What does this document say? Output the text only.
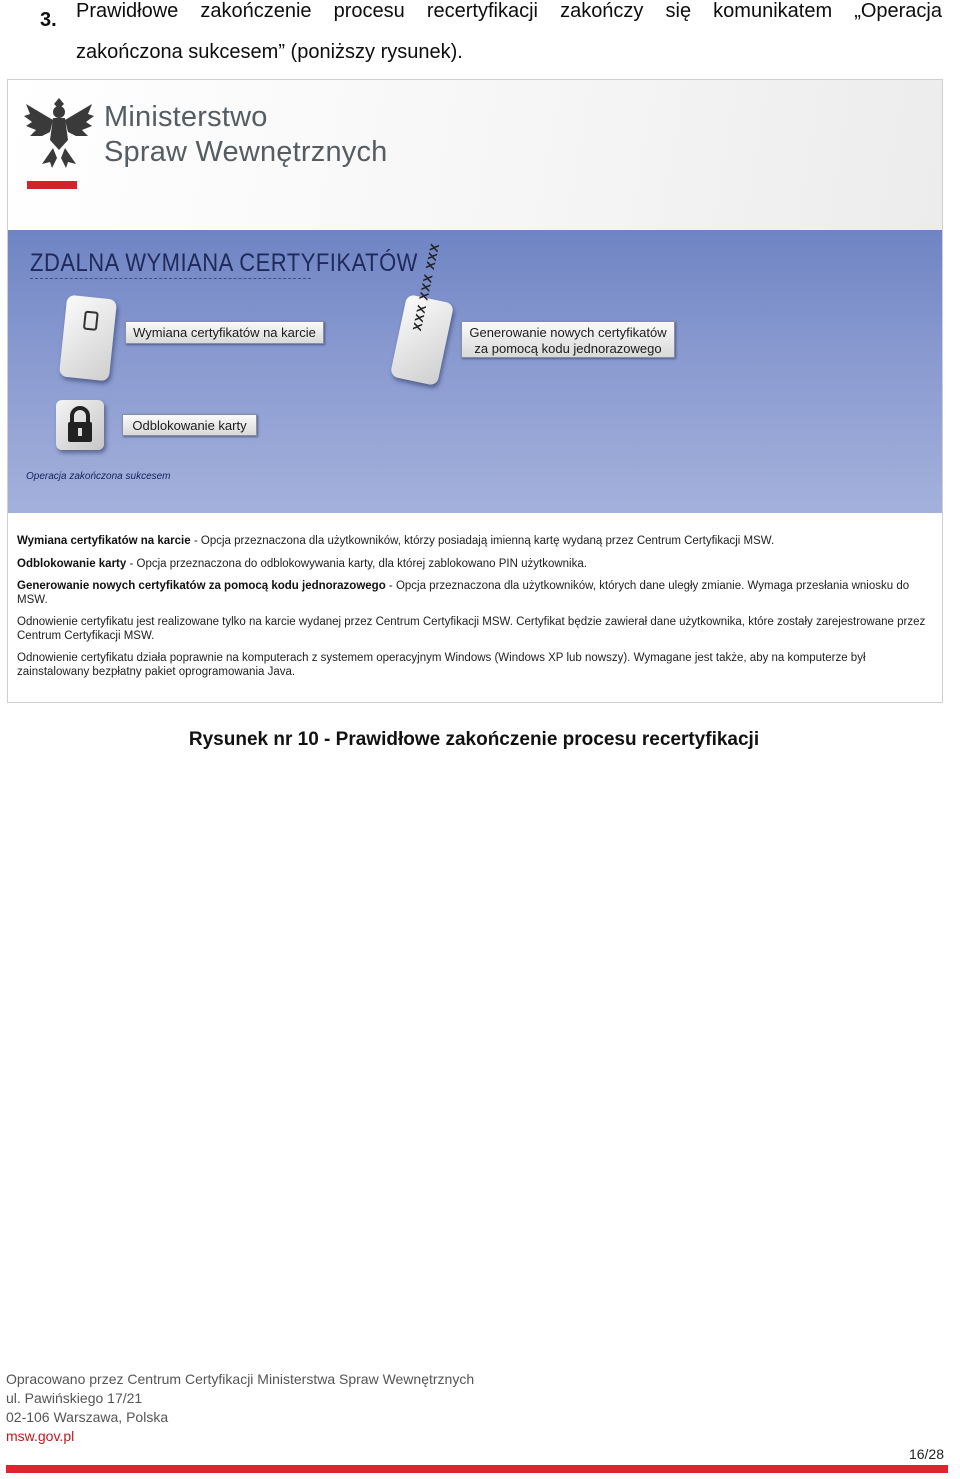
3. Prawidłowe zakończenie procesu recertyfikacji zakończy się komunikatem „Operacja
zakończona sukcesem” (poniższy rysunek).
Ministerstwo
Spraw Wewnętrznych
ZDALNA WYMIANA CERTYFIKATÓW
Wymiana certyfikatów na karcie
XXX XXX XXX
Generowanie nowych certyfikatów
za pomocą kodu jednorazowego
Odblokowanie karty
Operacja zakończona sukcesem

Wymiana certyfikatów na karcie - Opcja przeznaczona dla użytkowników, którzy posiadają imienną kartę wydaną przez Centrum Certyfikacji MSW.

Odblokowanie karty - Opcja przeznaczona do odblokowywania karty, dla której zablokowano PIN użytkownika.

Generowanie nowych certyfikatów za pomocą kodu jednorazowego - Opcja przeznaczona dla użytkowników, których dane uległy zmianie. Wymaga przesłania wniosku do MSW.

Odnowienie certyfikatu jest realizowane tylko na karcie wydanej przez Centrum Certyfikacji MSW. Certyfikat będzie zawierał dane użytkownika, które zostały zarejestrowane przez Centrum Certyfikacji MSW.

Odnowienie certyfikatu działa poprawnie na komputerach z systemem operacyjnym Windows (Windows XP lub nowszy). Wymagane jest także, aby na komputerze był zainstalowany bezpłatny pakiet oprogramowania Java.

Rysunek nr 10 - Prawidłowe zakończenie procesu recertyfikacji
Opracowano przez Centrum Certyfikacji Ministerstwa Spraw Wewnętrznych
ul. Pawińskiego 17/21
02-106 Warszawa, Polska
msw.gov.pl
16/28
